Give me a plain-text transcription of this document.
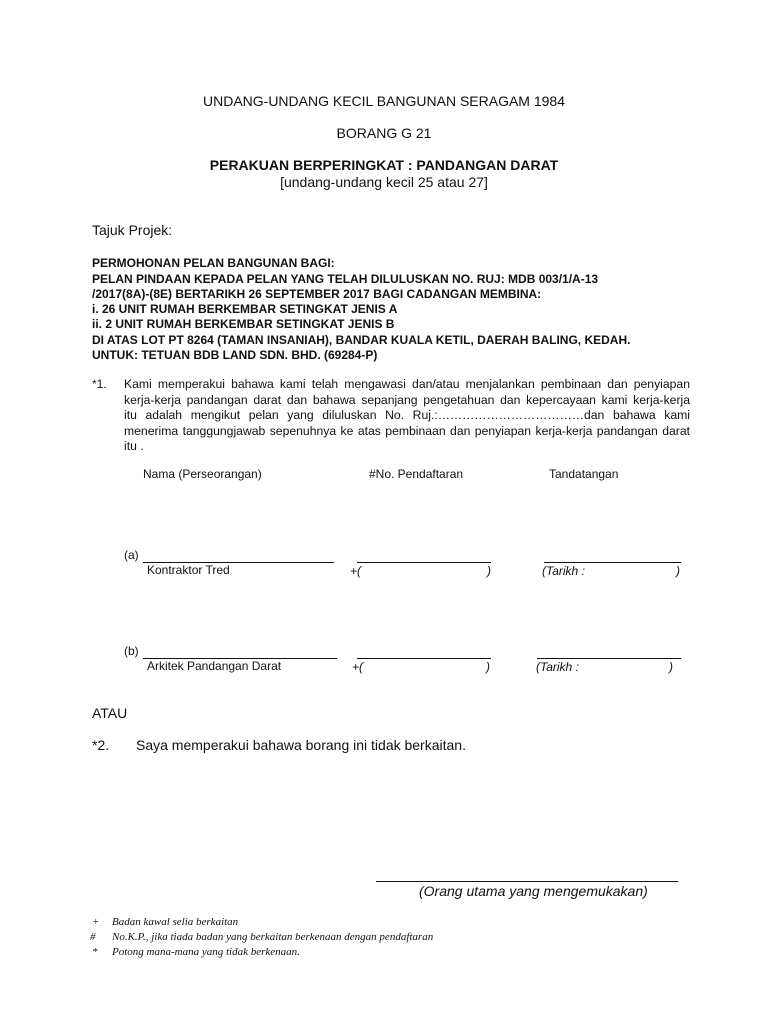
UNDANG-UNDANG KECIL BANGUNAN SERAGAM 1984
BORANG G 21
PERAKUAN BERPERINGKAT : PANDANGAN DARAT
[undang-undang kecil 25 atau 27]
Tajuk Projek:
PERMOHONAN PELAN BANGUNAN BAGI:
PELAN PINDAAN KEPADA PELAN YANG TELAH DILULUSKAN NO. RUJ: MDB 003/1/A-13
/2017(8A)-(8E) BERTARIKH 26 SEPTEMBER 2017 BAGI CADANGAN MEMBINA:
i. 26 UNIT RUMAH BERKEMBAR SETINGKAT JENIS A
ii. 2 UNIT RUMAH BERKEMBAR SETINGKAT JENIS B
DI ATAS LOT PT 8264 (TAMAN INSANIAH), BANDAR KUALA KETIL, DAERAH BALING, KEDAH.
UNTUK: TETUAN BDB LAND SDN. BHD. (69284-P)
*1. Kami memperakui bahawa kami telah mengawasi dan/atau menjalankan pembinaan dan penyiapan
kerja-kerja pandangan darat dan bahawa sepanjang pengetahuan dan kepercayaan kami kerja-kerja
itu adalah mengikut pelan yang diluluskan No. Ruj.:………………………………dan bahawa kami
menerima tanggungjawab sepenuhnya ke atas pembinaan dan penyiapan kerja-kerja pandangan darat
itu .
Nama (Perseorangan)	#No. Pendaftaran	Tandatangan
(a)
Kontraktor Tred	+(	)	(Tarikh :	)
(b)
Arkitek Pandangan Darat	+(	)	(Tarikh :	)
ATAU
*2. Saya memperakui bahawa borang ini tidak berkaitan.
(Orang utama yang mengemukakan)
+ Badan kawal selia berkaitan
# No.K.P., jika tiada badan yang berkaitan berkenaan dengan pendaftaran
* Potong mana-mana yang tidak berkenaan.
